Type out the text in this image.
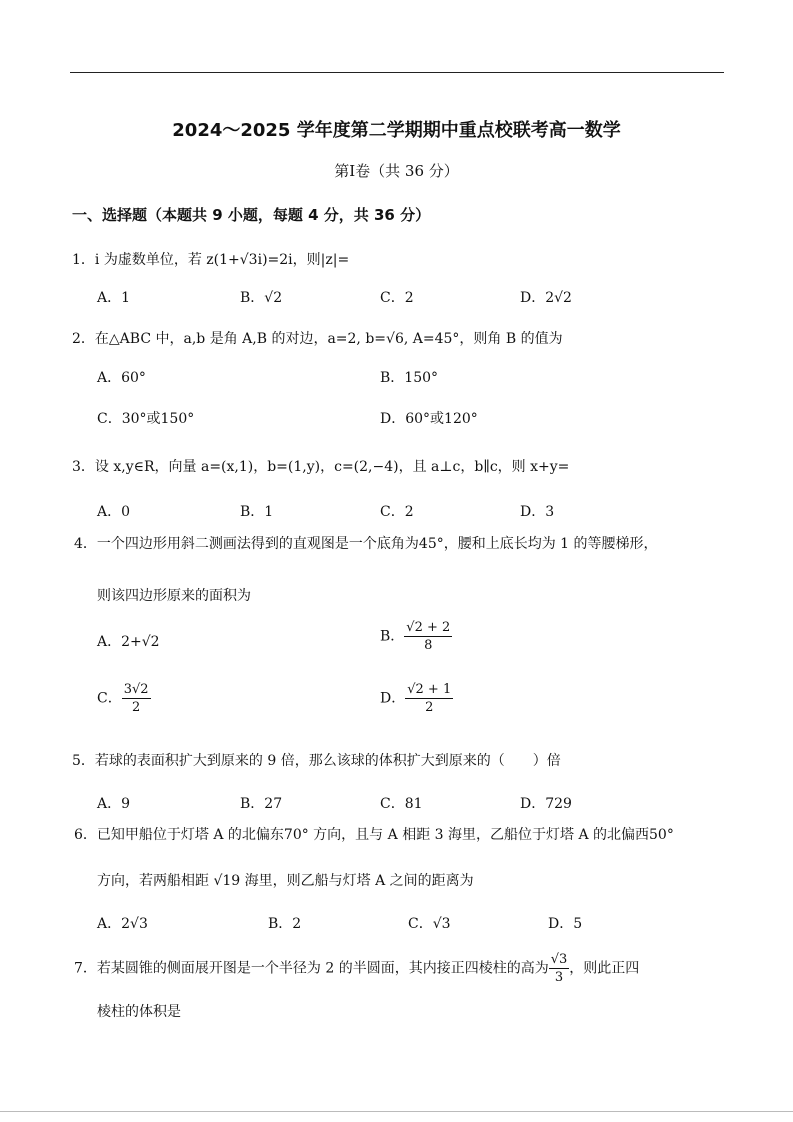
2024～2025 学年度第二学期期中重点校联考高一数学
第Ⅰ卷（共 36 分）
一、选择题（本题共 9 小题，每题 4 分，共 36 分）
1．i 为虚数单位，若 z(1+√3i)=2i，则|z|=
A．1	B．√2	C．2	D．2√2
2．在△ABC 中，a,b 是角 A,B 的对边，a=2, b=√6, A=45°，则角 B 的值为
A．60°	B．150°
C．30°或150°	D．60°或120°
3．设 x,y∈R，向量 a=(x,1)，b=(1,y)，c=(2,−4)，且 a⊥c，b∥c，则 x+y=
A．0	B．1	C．2	D．3
4．一个四边形用斜二测画法得到的直观图是一个底角为45°，腰和上底长均为 1 的等腰梯形，
则该四边形原来的面积为
A．2+√2	B． $\frac{√2 + 2}{8}$
C． $\frac{3√2}{2}$	D． $\frac{√2 + 1}{2}$
5．若球的表面积扩大到原来的 9 倍，那么该球的体积扩大到原来的（　　）倍
A．9	B．27	C．81	D．729
6．已知甲船位于灯塔 A 的北偏东70° 方向，且与 A 相距 3 海里，乙船位于灯塔 A 的北偏西50°
方向，若两船相距 √19 海里，则乙船与灯塔 A 之间的距离为
A．2√3	B．2	C．√3	D．5
7．若某圆锥的侧面展开图是一个半径为 2 的半圆面，其内接正四棱柱的高为 $\frac{√3}{3}$ ，则此正四
棱柱的体积是
